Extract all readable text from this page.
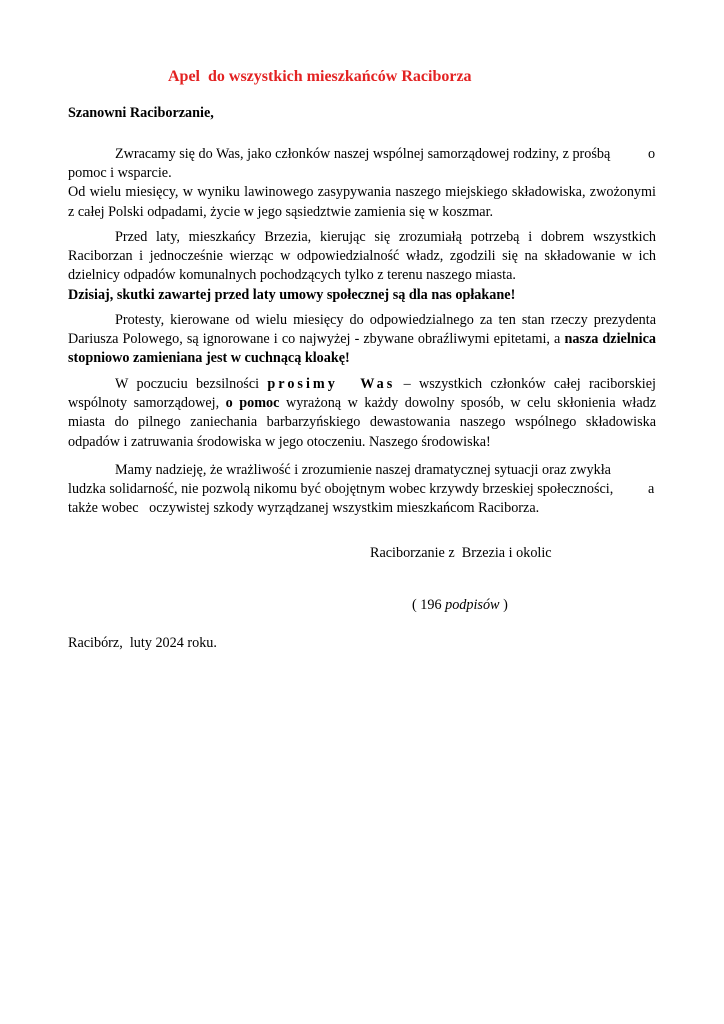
Apel  do wszystkich mieszkańców Raciborza
Szanowni Raciborzanie,
Zwracamy się do Was, jako członków naszej wspólnej samorządowej rodziny, z prośbą	o
pomoc i wsparcie.

Od wielu miesięcy, w wyniku lawinowego zasypywania naszego miejskiego składowiska, zwożonymi z całej Polski odpadami, życie w jego sąsiedztwie zamienia się w koszmar.

Przed laty, mieszkańcy Brzezia, kierując się zrozumiałą potrzebą i dobrem wszystkich Raciborzan i jednocześnie wierząc w odpowiedzialność władz, zgodzili się na składowanie w ich dzielnicy odpadów komunalnych pochodzących tylko z terenu naszego miasta.

Dzisiaj, skutki zawartej przed laty umowy społecznej są dla nas opłakane!

Protesty, kierowane od wielu miesięcy do odpowiedzialnego za ten stan rzeczy prezydenta Dariusza Polowego, są ignorowane i co najwyżej - zbywane obraźliwymi epitetami, a nasza dzielnica stopniowo zamieniana jest w cuchnącą kloakę!

W poczuciu bezsilności prosimy  Was – wszystkich członków całej raciborskiej wspólnoty samorządowej, o pomoc wyrażoną w każdy dowolny sposób, w celu skłonienia władz miasta do pilnego zaniechania barbarzyńskiego dewastowania naszego wspólnego składowiska odpadów i zatruwania środowiska w jego otoczeniu. Naszego środowiska!

Mamy nadzieję, że wrażliwość i zrozumienie naszej dramatycznej sytuacji oraz zwykła
ludzka solidarność, nie pozwolą nikomu być obojętnym wobec krzywdy brzeskiej społeczności, a
także wobec   oczywistej szkody wyrządzanej wszystkim mieszkańcom Raciborza.
Raciborzanie z  Brzezia i okolic
( 196 podpisów )
Racibórz,  luty 2024 roku.
